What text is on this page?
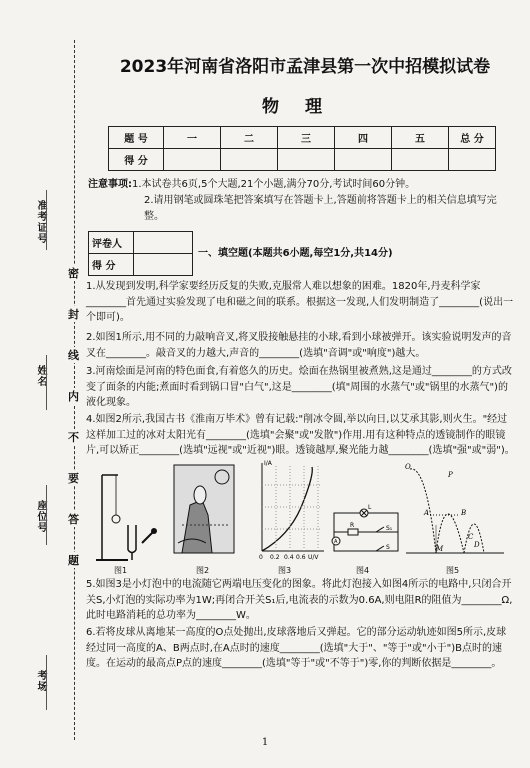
准考证号
姓名
座位号
考场
密
封
线
内
不
要
答
题
2023年河南省洛阳市孟津县第一次中招模拟试卷
物理
题 号	一	二	三	四	五	总 分
得 分						
注意事项: 1.本试卷共6页,5个大题,21个小题,满分70分,考试时间60分钟。
2.请用钢笔或圆珠笔把答案填写在答题卡上,答题前将答题卡上的相关信息填写完整。
评卷人	
得 分	
一、填空题(本题共6小题,每空1分,共14分)
1.从发现到发明,科学家要经历反复的失败,克服常人难以想象的困难。1820年,丹麦科学家________首先通过实验发现了电和磁之间的联系。根据这一发现,人们发明制造了________(说出一个即可)。
2.如图1所示,用不同的力敲响音叉,将叉股接触悬挂的小球,看到小球被弹开。该实验说明发声的音叉在________。敲音叉的力越大,声音的________(选填"音调"或"响度")越大。
3.河南烩面是河南的特色面食,有着悠久的历史。烩面在热锅里被煮熟,这是通过________的方式改变了面条的内能;煮面时看到锅口冒"白气",这是________(填"周围的水蒸气"或"锅里的水蒸气")的液化现象。
4.如图2所示,我国古书《淮南万毕术》曾有记载:"削冰令圆,举以向日,以艾承其影,则火生。"经过这样加工过的冰对太阳光有________(选填"会聚"或"发散")作用.用有这种特点的透镜制作的眼镜片,可以矫正________(选填"远视"或"近视")眼。透镜越厚,聚光能力越________(选填"强"或"弱")。
I/A
U/V
0 0.2 0.4 0.6
L
S
S₁
R
A
O
P
A	B
M
C
D
图1	图2	图3	图4	图5
5.如图3是小灯泡中的电流随它两端电压变化的图象。将此灯泡接入如图4所示的电路中,只闭合开关S,小灯泡的实际功率为1W;再闭合开关S₁后,电流表的示数为0.6A,则电阻R的阻值为________Ω,此时电路消耗的总功率为________W。
6.若将皮球从离地某一高度的O点处抛出,皮球落地后又弹起。它的部分运动轨迹如图5所示,皮球经过同一高度的A、B两点时,在A点时的速度________(选填"大于"、"等于"或"小于")B点时的速度。在运动的最高点P点的速度________(选填"等于"或"不等于")零,你的判断依据是________。
1
